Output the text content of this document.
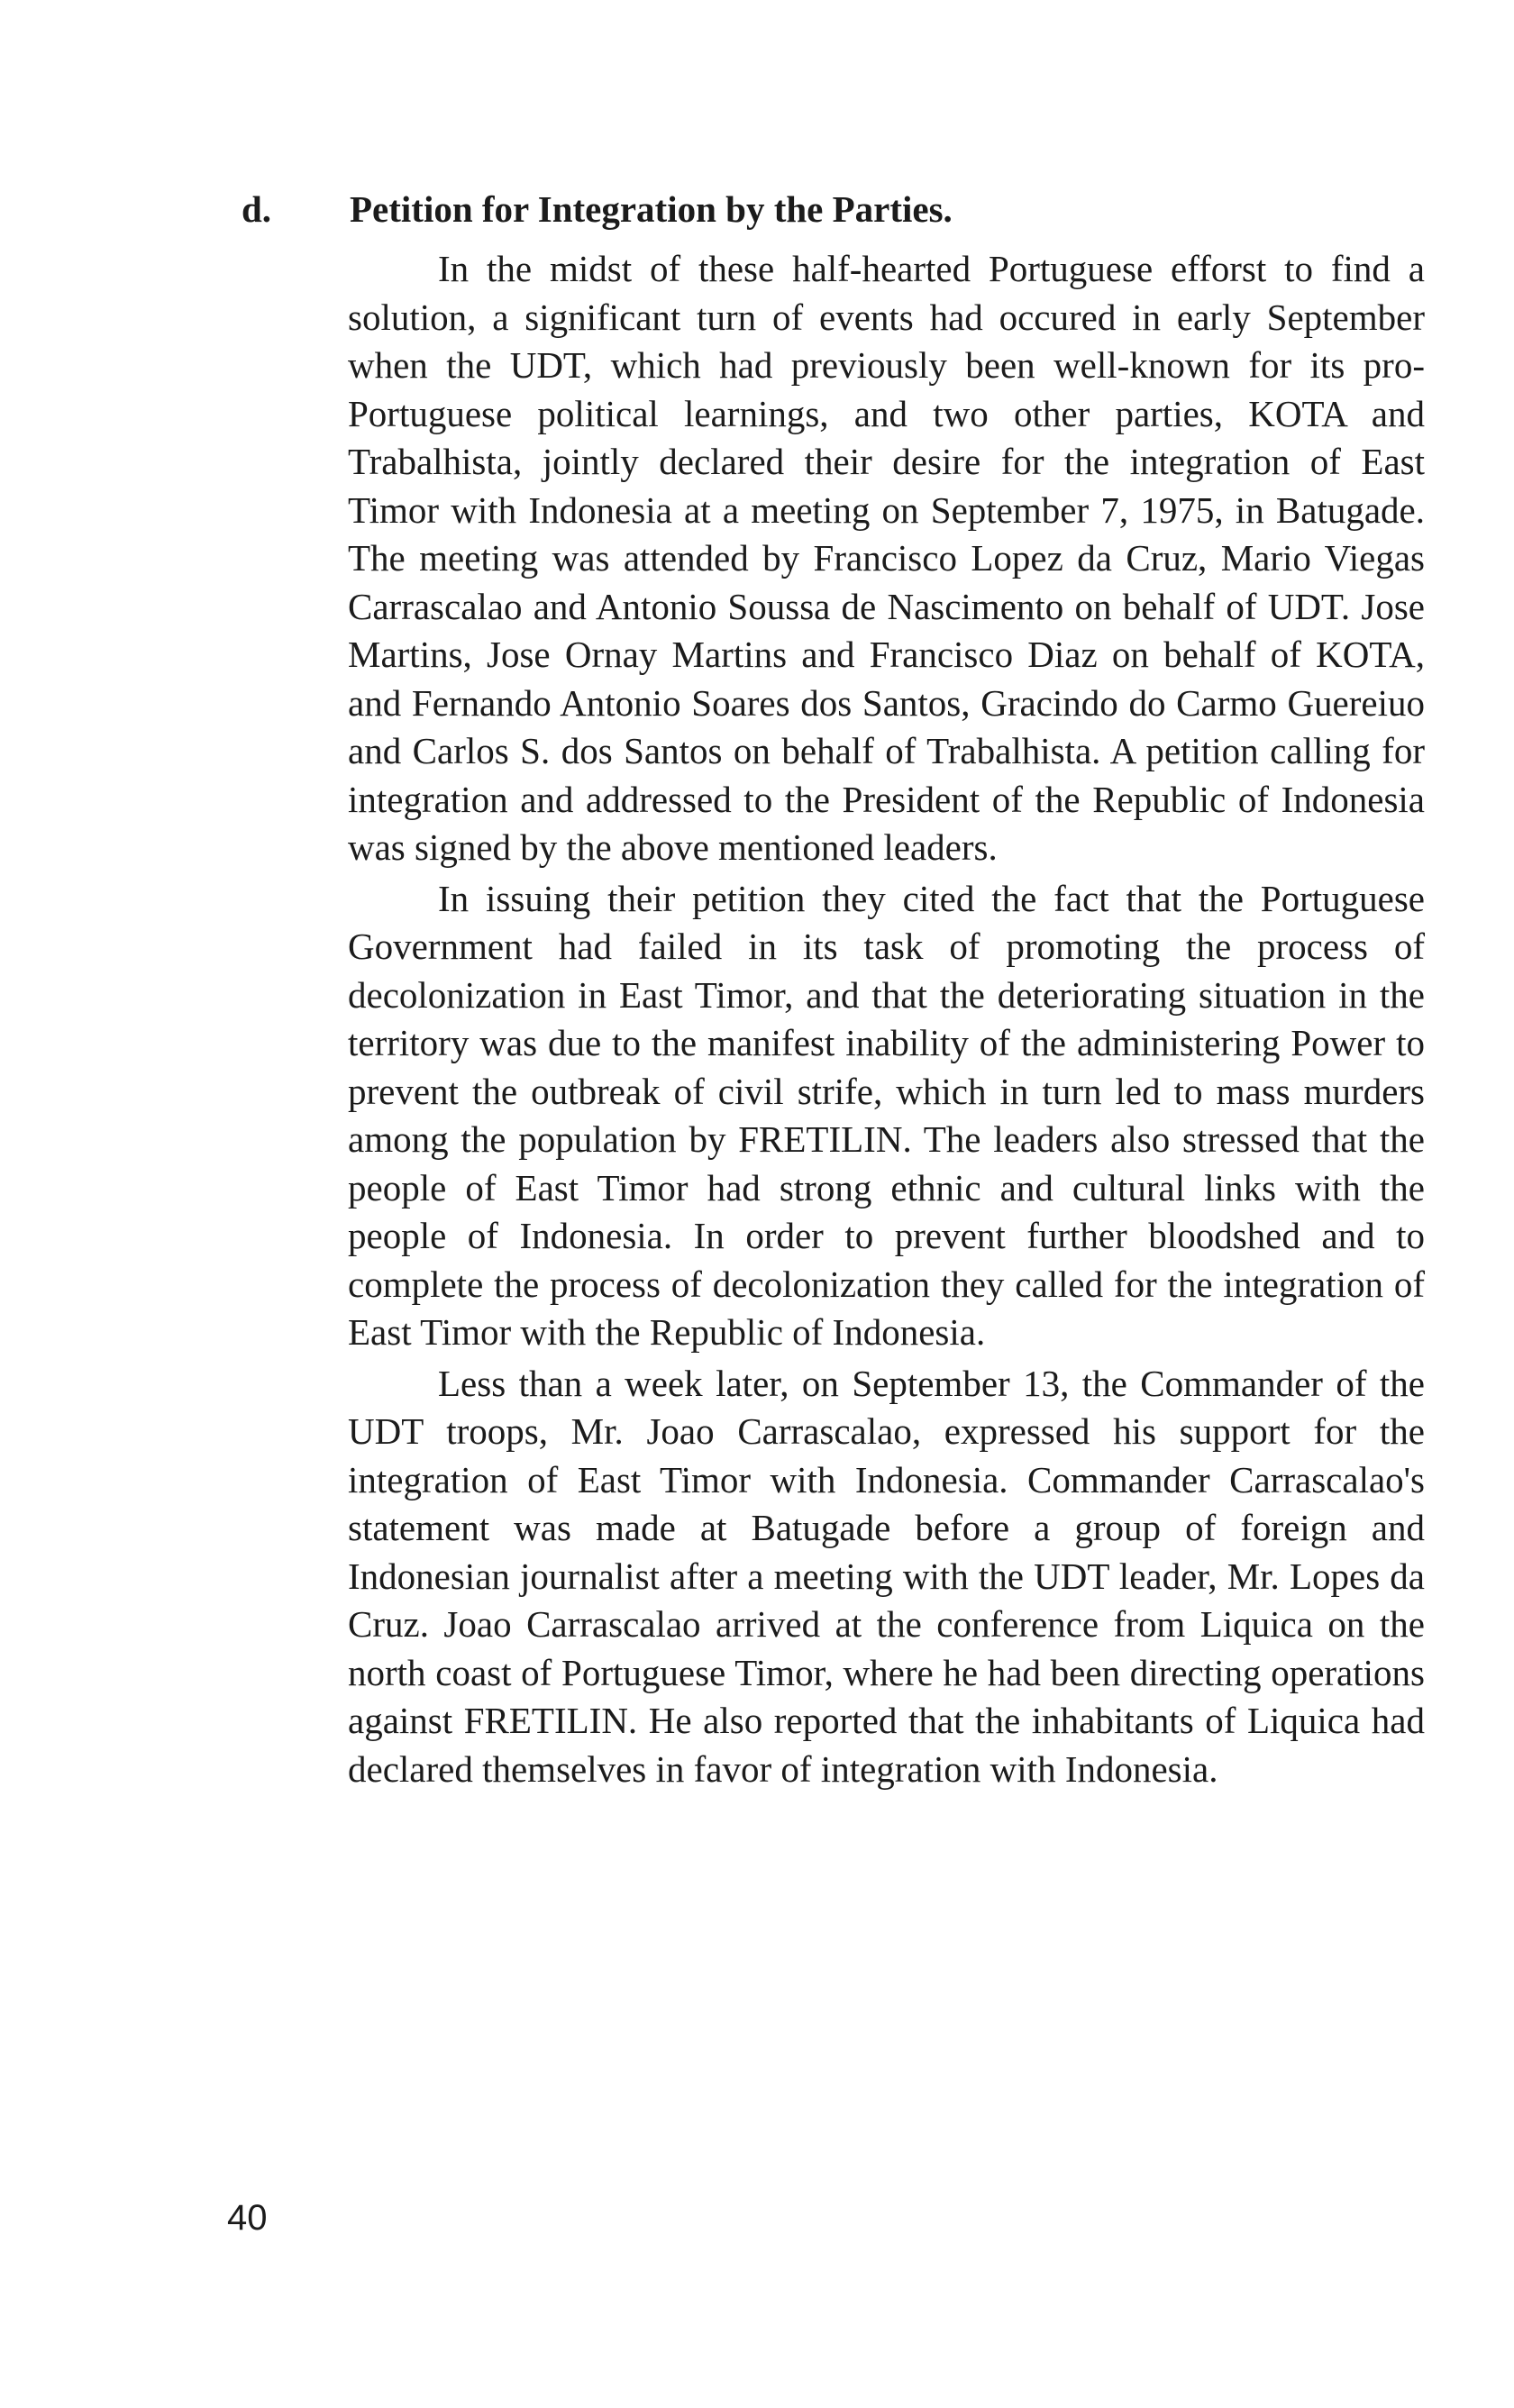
d. Petition for Integration by the Parties.

In the midst of these half-hearted Portuguese efforst to find a solution, a significant turn of events had occured in early September when the UDT, which had previously been well-known for its pro-Portuguese political learnings, and two other parties, KOTA and Trabalhista, jointly declared their desire for the integration of East Timor with Indonesia at a meeting on September 7, 1975, in Batugade. The meeting was attended by Francisco Lopez da Cruz, Mario Viegas Carrascalao and Antonio Soussa de Nascimento on behalf of UDT. Jose Martins, Jose Ornay Martins and Francisco Diaz on behalf of KOTA, and Fernando Antonio Soares dos Santos, Gracindo do Carmo Guereiuo and Carlos S. dos Santos on behalf of Trabalhista. A petition calling for integration and addressed to the President of the Republic of Indonesia was signed by the above mentioned leaders.

In issuing their petition they cited the fact that the Portuguese Government had failed in its task of promoting the process of decolonization in East Timor, and that the deteriorating situation in the territory was due to the manifest inability of the administering Power to prevent the outbreak of civil strife, which in turn led to mass murders among the population by FRETILIN. The leaders also stressed that the people of East Timor had strong ethnic and cultural links with the people of Indonesia. In order to prevent further bloodshed and to complete the process of decolonization they called for the integration of East Timor with the Republic of Indonesia.

Less than a week later, on September 13, the Commander of the UDT troops, Mr. Joao Carrascalao, expressed his support for the integration of East Timor with Indonesia. Commander Carrascalao's statement was made at Batugade before a group of foreign and Indonesian journalist after a meeting with the UDT leader, Mr. Lopes da Cruz. Joao Carrascalao arrived at the conference from Liquica on the north coast of Portuguese Timor, where he had been directing operations against FRETILIN. He also reported that the inhabitants of Liquica had declared themselves in favor of integration with Indonesia.

40
